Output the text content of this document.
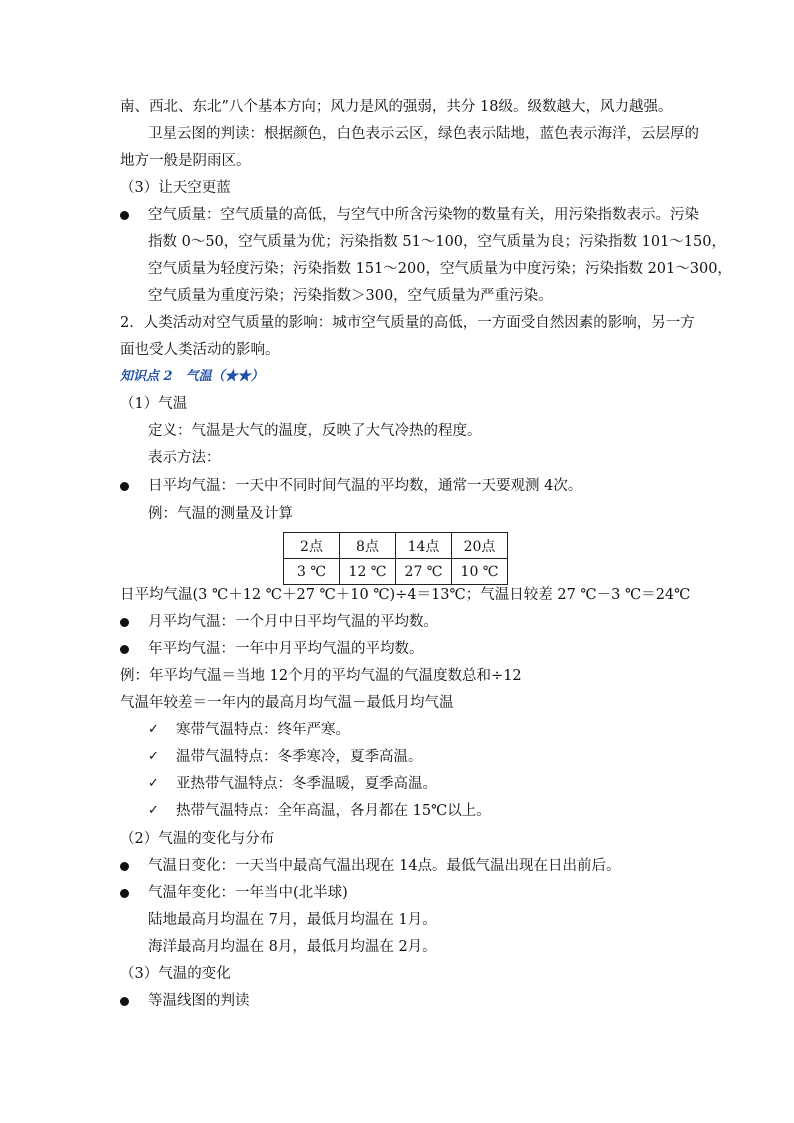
南、西北、东北”八个基本方向；风力是风的强弱，共分 18级。级数越大，风力越强。
卫星云图的判读：根据颜色，白色表示云区，绿色表示陆地，蓝色表示海洋，云层厚的
地方一般是阴雨区。
（3）让天空更蓝
空气质量：空气质量的高低，与空气中所含污染物的数量有关，用污染指数表示。污染
指数 0～50，空气质量为优；污染指数 51～100，空气质量为良；污染指数 101～150，
空气质量为轻度污染；污染指数 151～200，空气质量为中度污染；污染指数 201～300，
空气质量为重度污染；污染指数＞300，空气质量为严重污染。
2．人类活动对空气质量的影响：城市空气质量的高低，一方面受自然因素的影响，另一方
面也受人类活动的影响。
知识点 2　气温（★★）
（1）气温
定义：气温是大气的温度，反映了大气冷热的程度。
表示方法：
日平均气温：一天中不同时间气温的平均数，通常一天要观测 4次。
例：气温的测量及计算
2点	8点	14点	20点
3 ℃	12 ℃	27 ℃	10 ℃
日平均气温(3 ℃＋12 ℃＋27 ℃＋10 ℃)÷4＝13℃；气温日较差 27 ℃－3 ℃＝24℃
月平均气温：一个月中日平均气温的平均数。
年平均气温：一年中月平均气温的平均数。
例：年平均气温＝当地 12个月的平均气温的气温度数总和÷12
气温年较差＝一年内的最高月均气温－最低月均气温
✓ 寒带气温特点：终年严寒。
✓ 温带气温特点：冬季寒冷，夏季高温。
✓ 亚热带气温特点：冬季温暖，夏季高温。
✓ 热带气温特点：全年高温，各月都在 15℃以上。
（2）气温的变化与分布
气温日变化：一天当中最高气温出现在 14点。最低气温出现在日出前后。
气温年变化：一年当中(北半球)
陆地最高月均温在 7月，最低月均温在 1月。
海洋最高月均温在 8月，最低月均温在 2月。
（3）气温的变化
等温线图的判读
